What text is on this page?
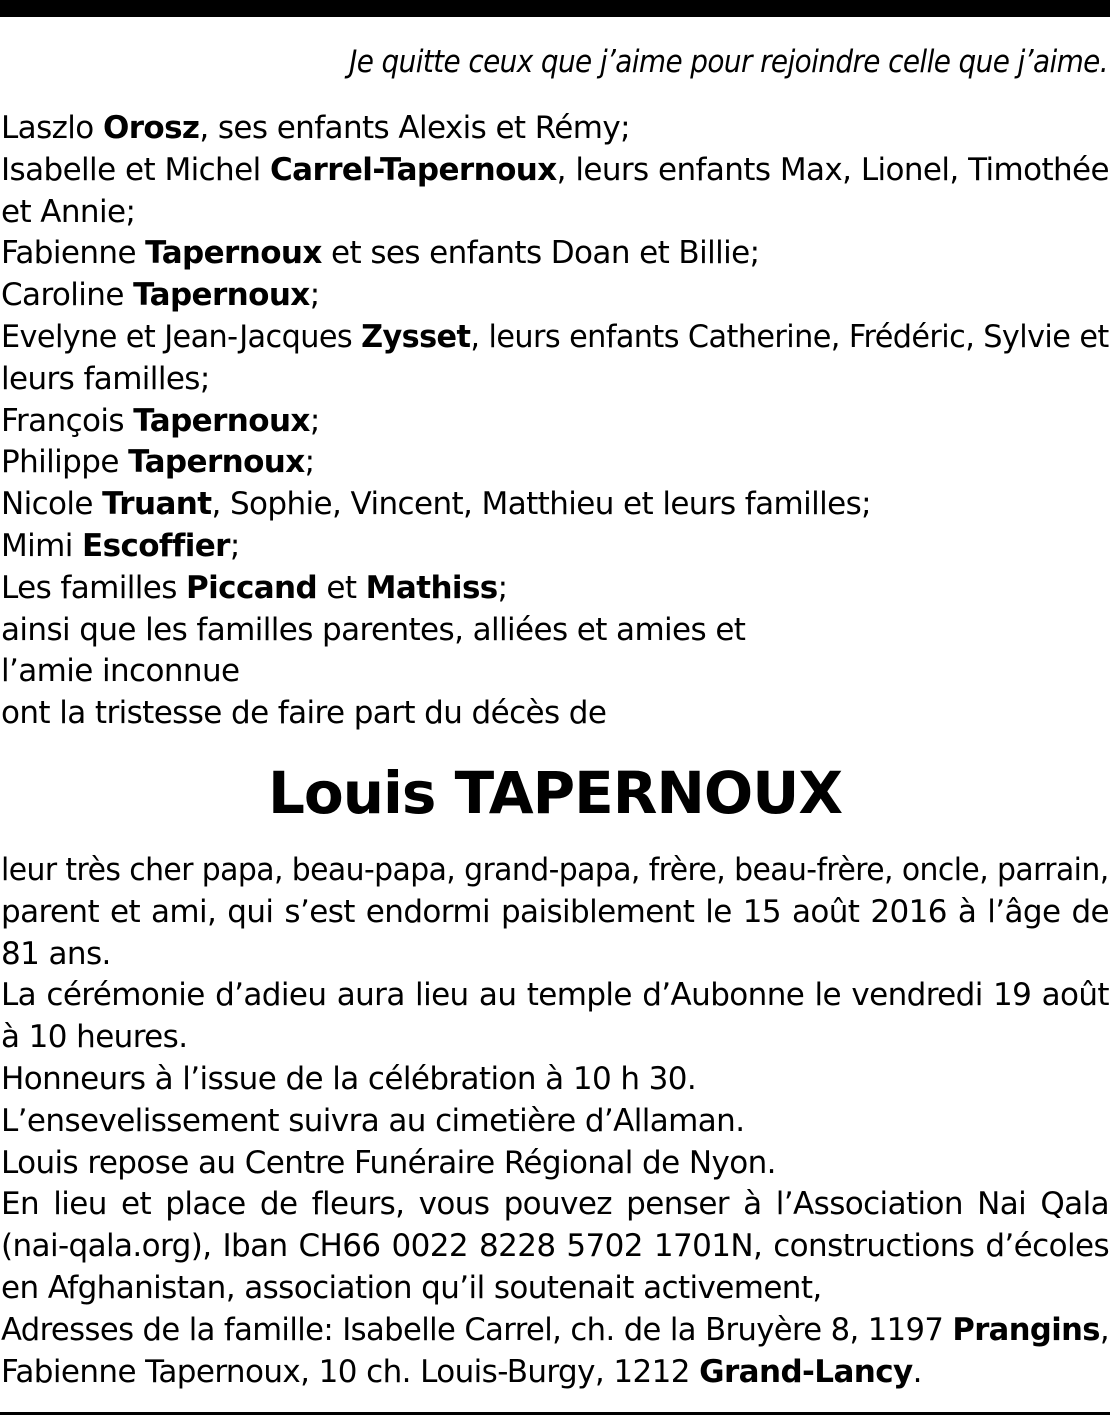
Je quitte ceux que j’aime pour rejoindre celle que j’aime.
Laszlo Orosz, ses enfants Alexis et Rémy;
Isabelle et Michel Carrel-Tapernoux, leurs enfants Max, Lionel, Timothée
et Annie;
Fabienne Tapernoux et ses enfants Doan et Billie;
Caroline Tapernoux;
Evelyne et Jean-Jacques Zysset, leurs enfants Catherine, Frédéric, Sylvie et
leurs familles;
François Tapernoux;
Philippe Tapernoux;
Nicole Truant, Sophie, Vincent, Matthieu et leurs familles;
Mimi Escoffier;
Les familles Piccand et Mathiss;
ainsi que les familles parentes, alliées et amies et
l’amie inconnue
ont la tristesse de faire part du décès de
Louis TAPERNOUX
leur très cher papa, beau-papa, grand-papa, frère, beau-frère, oncle, parrain,
parent et ami, qui s’est endormi paisiblement le 15 août 2016 à l’âge de
81 ans.
La cérémonie d’adieu aura lieu au temple d’Aubonne le vendredi 19 août
à 10 heures.
Honneurs à l’issue de la célébration à 10 h 30.
L’ensevelissement suivra au cimetière d’Allaman.
Louis repose au Centre Funéraire Régional de Nyon.
En lieu et place de fleurs, vous pouvez penser à l’Association Nai Qala
(nai-qala.org), Iban CH66 0022 8228 5702 1701N, constructions d’écoles
en Afghanistan, association qu’il soutenait activement,
Adresses de la famille: Isabelle Carrel, ch. de la Bruyère 8, 1197 Prangins,
Fabienne Tapernoux, 10 ch. Louis-Burgy, 1212 Grand-Lancy.
